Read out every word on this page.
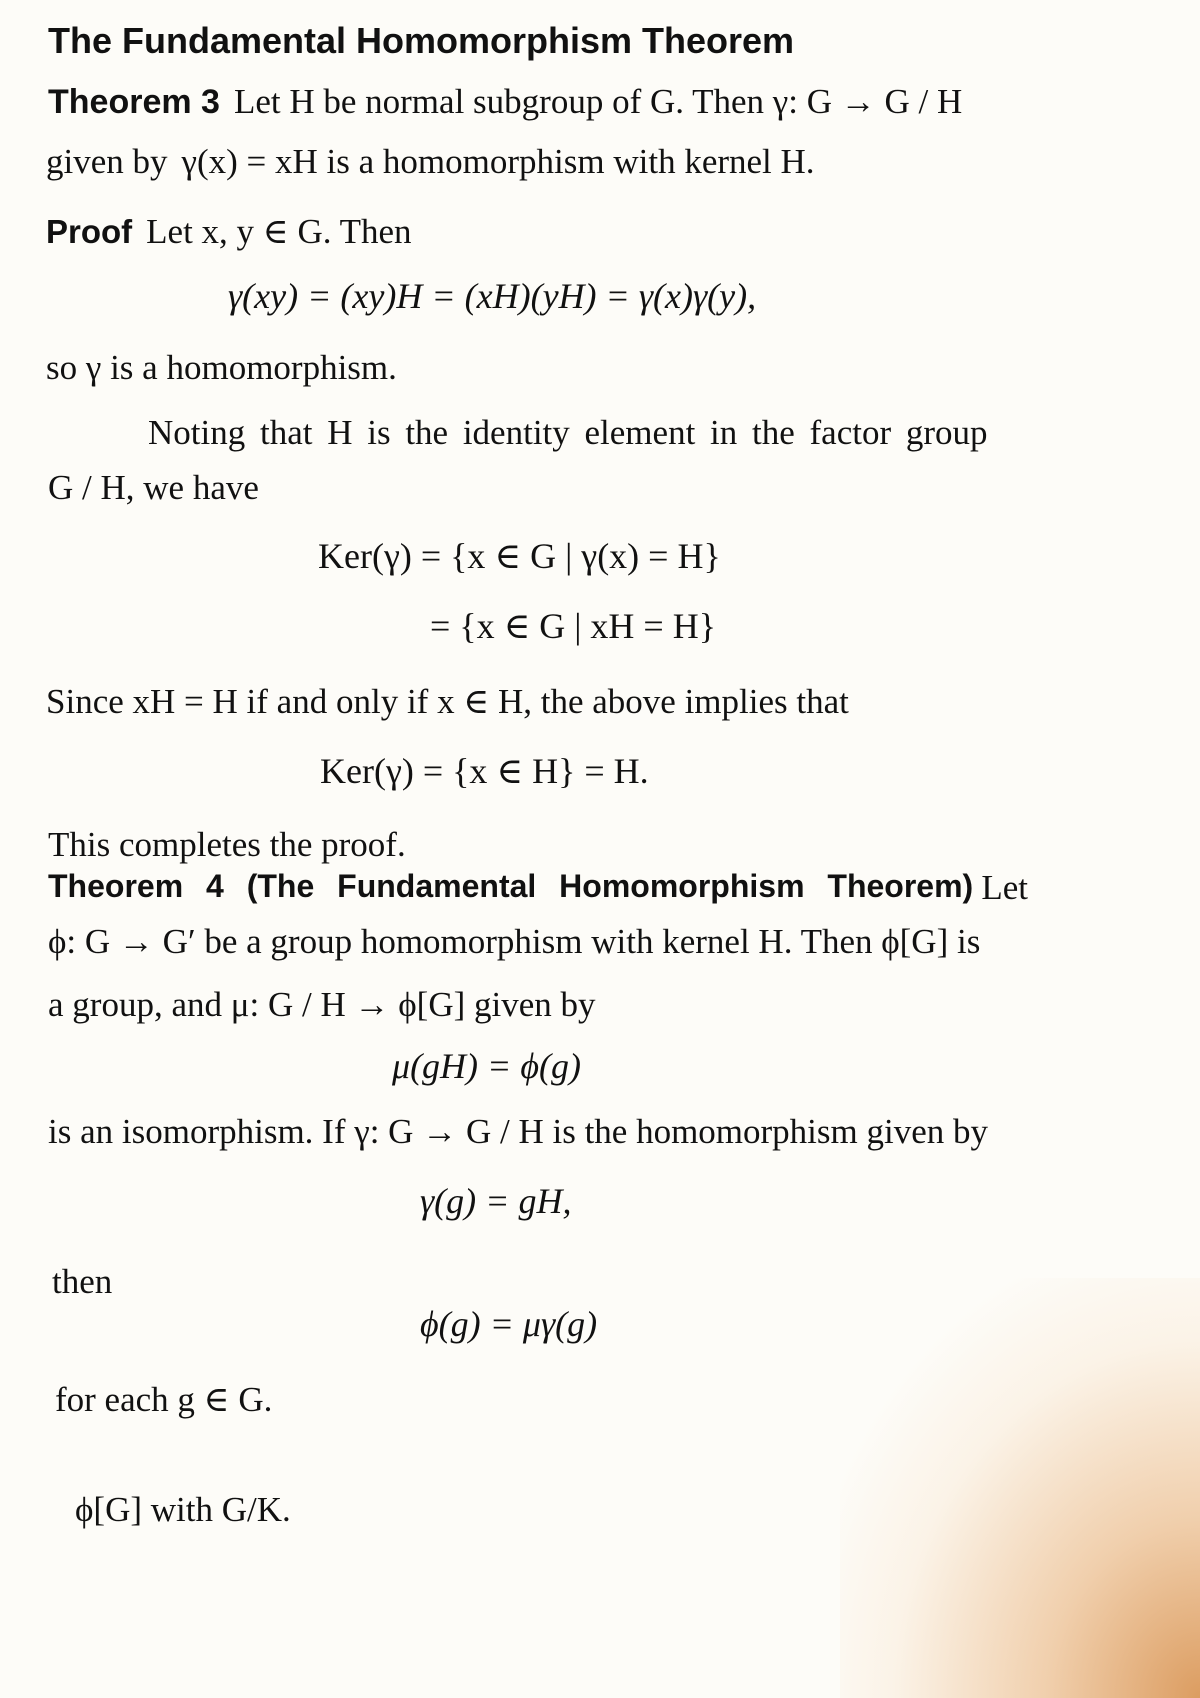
The Fundamental Homomorphism Theorem
Theorem 3 Let H be normal subgroup of G. Then γ: G → G / H
given by γ(x) = xH is a homomorphism with kernel H.
Proof Let x, y ∈ G. Then
γ(xy) = (xy)H = (xH)(yH) = γ(x)γ(y),
so γ is a homomorphism.
Noting that H is the identity element in the factor group
G / H, we have
Ker(γ) = {x ∈ G | γ(x) = H}
= {x ∈ G | xH = H}
Since xH = H if and only if x ∈ H, the above implies that
Ker(γ) = {x ∈ H} = H.
This completes the proof.
Theorem 4 (The Fundamental Homomorphism Theorem) Let
ϕ: G → G′ be a group homomorphism with kernel H. Then ϕ[G] is
a group, and μ: G / H → ϕ[G] given by
μ(gH) = ϕ(g)
is an isomorphism. If γ: G → G / H is the homomorphism given by
γ(g) = gH,
then
ϕ(g) = μγ(g)
for each g ∈ G.
ϕ[G] with G/K.
